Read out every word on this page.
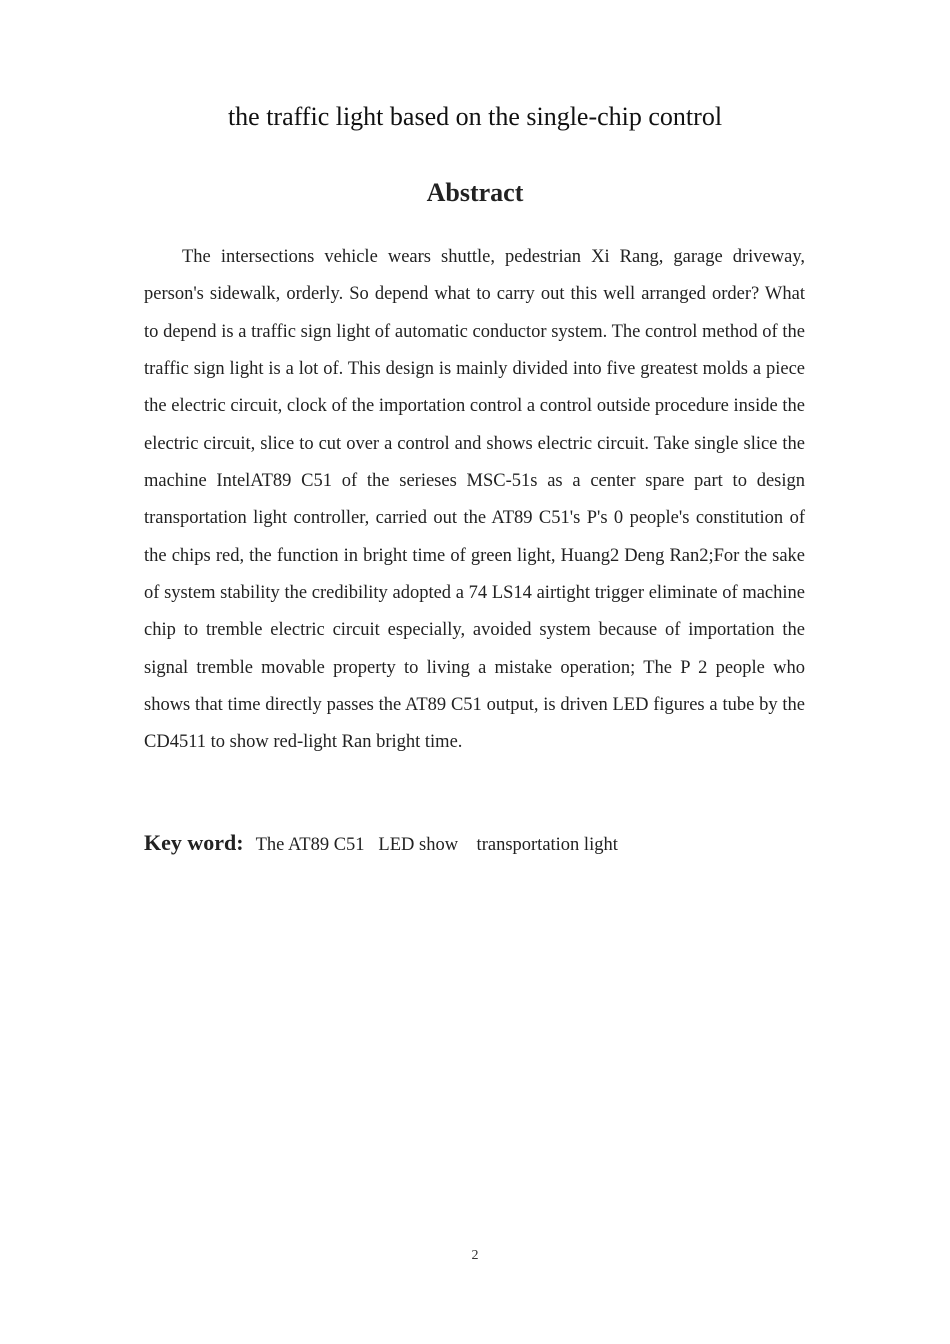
the traffic light based on the single-chip control
Abstract

The intersections vehicle wears shuttle, pedestrian Xi Rang, garage driveway, person's sidewalk, orderly. So depend what to carry out this well arranged order? What to depend is a traffic sign light of automatic conductor system. The control method of the traffic sign light is a lot of. This design is mainly divided into five greatest molds a piece the electric circuit, clock of the importation control a control outside procedure inside the electric circuit, slice to cut over a control and shows electric circuit. Take single slice the machine IntelAT89 C51 of the serieses MSC-51s as a center spare part to design transportation light controller, carried out the AT89 C51's P's 0 people's constitution of the chips red, the function in bright time of green light, Huang2 Deng Ran2;For the sake of system stability the credibility adopted a 74 LS14 airtight trigger eliminate of machine chip to tremble electric circuit especially, avoided system because of importation the signal tremble movable property to living a mistake operation; The P 2 people who shows that time directly passes the AT89 C51 output, is driven LED figures a tube by the CD4511 to show red-light Ran bright time.

Key word: The AT89 C51   LED show    transportation light

2
